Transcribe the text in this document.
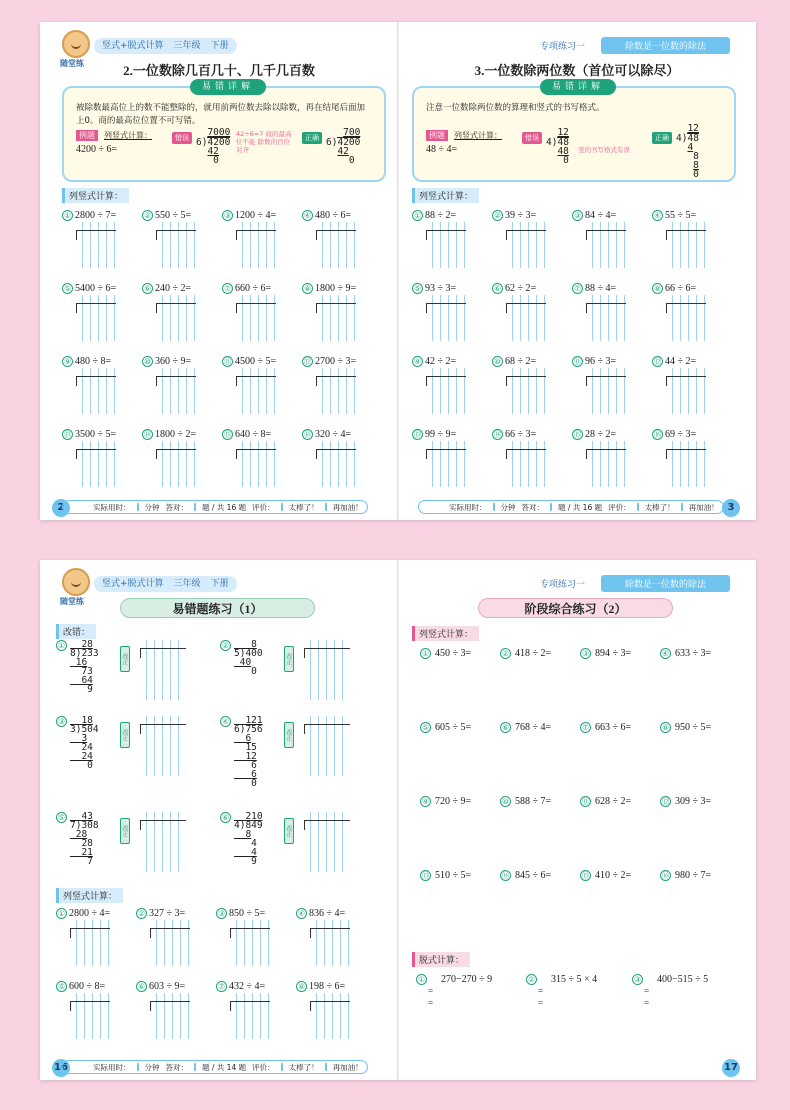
随堂练
竖式+脱式计算 三年级 下册
2.一位数除几百几十、几千几百数
易错详解
被除数最高位上的数不能整除的，就用前两位数去除以除数，再在结尾后面加上0。商的最高位位置不可写错。
例题	列竖式计算：
4200 ÷ 6=
错误	7000
6)4200
42
0
42÷6=7 商的最高位不能 除数的百位对齐
正确	700
6)4200
42
0
列竖式计算：
① 2800 ÷ 7=	② 550 ÷ 5=	③ 1200 ÷ 4=	④ 480 ÷ 6=
⑤ 5400 ÷ 6=	⑥ 240 ÷ 2=	⑦ 660 ÷ 6=	⑧ 1800 ÷ 9=
⑨ 480 ÷ 8=	⑩ 360 ÷ 9=	⑪ 4500 ÷ 5=	⑫ 2700 ÷ 3=
⑬ 3500 ÷ 5=	⑭ 1800 ÷ 2=	⑮ 640 ÷ 8=	⑯ 320 ÷ 4=
2	实际用时： 分钟 答对： 题 / 共 16 题 评价： 太棒了！ 再加油！
专项练习一	除数是一位数的除法
3.一位数除两位数（首位可以除尽）
易错详解
注意一位数除两位数的算理和竖式的书写格式。
例题	列竖式计算：
48 ÷ 4=
错误	12
4)48
48
0
竖的书写格式有误
正确
12
4)48
4
8
8
0
列竖式计算：
① 88 ÷ 2=	② 39 ÷ 3=	③ 84 ÷ 4=	④ 55 ÷ 5=
⑤ 93 ÷ 3=	⑥ 62 ÷ 2=	⑦ 88 ÷ 4=	⑧ 66 ÷ 6=
⑨ 42 ÷ 2=	⑩ 68 ÷ 2=	⑪ 96 ÷ 3=	⑫ 44 ÷ 2=
⑬ 99 ÷ 9=	⑭ 66 ÷ 3=	⑮ 28 ÷ 2=	⑯ 69 ÷ 3=
实际用时： 分钟 答对： 题 / 共 16 题 评价： 太棒了！ 再加油！ 3
随堂练
竖式+脱式计算 三年级 下册
易错题练习（1）
改错：
① 28
8)233
16
73
64
9
改正
② 8
5)400
40
0
改正
③ 18
3)504
3
24
24
0
改正
④ 121
6)756
6
15
12
6
6
0
改正
⑤ 43
7)308
28
28
21
7
改正
⑥ 210
4)849
8
4
4
9
改正
列竖式计算：
① 2800 ÷ 4=	② 327 ÷ 3=	③ 850 ÷ 5=	④ 836 ÷ 4=
⑤ 600 ÷ 8=	⑥ 603 ÷ 9=	⑦ 432 ÷ 4=	⑧ 198 ÷ 6=
16	实际用时： 分钟 答对： 题 / 共 14 题 评价： 太棒了！ 再加油！
专项练习一	除数是一位数的除法
阶段综合练习（2）
列竖式计算：
① 450 ÷ 3=	② 418 ÷ 2=	③ 894 ÷ 3=	④ 633 ÷ 3=
⑤ 605 ÷ 5=	⑥ 768 ÷ 4=	⑦ 663 ÷ 6=	⑧ 950 ÷ 5=
⑨ 720 ÷ 9=	⑩ 588 ÷ 7=	⑪ 628 ÷ 2=	⑫ 309 ÷ 3=
⑬ 510 ÷ 5=	⑭ 845 ÷ 6=	⑮ 410 ÷ 2=	⑯ 980 ÷ 7=
脱式计算：
① 270−270 ÷ 9
=
=
② 315 ÷ 5 × 4
=
=
③ 400−515 ÷ 5
=
=
17
